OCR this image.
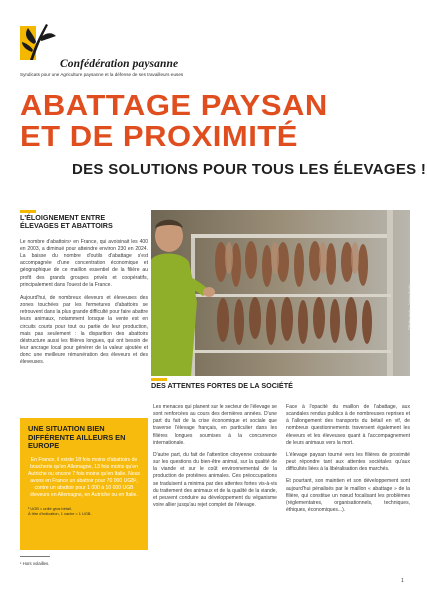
Confédération paysanne
Syndicats pour une Agriculture paysanne et la défense de ses travailleurs·euses
ABATTAGE PAYSAN
ET DE PROXIMITÉ
DES SOLUTIONS POUR TOUS LES ÉLEVAGES !
L'ÉLOIGNEMENT ENTRE
ÉLEVAGES ET ABATTOIRS

Le nombre d'abattoirs¹ en France, qui avoisinait les 400 en 2003, a diminué pour atteindre environ 230 en 2024. La baisse du nombre d'outils d'abattage s'est accompagnée d'une concentration économique et géographique de ce maillon essentiel de la filière au profit des grands groupes privés et coopératifs, principalement dans l'ouest de la France.

Aujourd'hui, de nombreux éleveurs et éleveuses des zones touchées par les fermetures d'abattoirs se retrouvent dans la plus grande difficulté pour faire abattre leurs animaux, notamment lorsque la vente est en circuits courts pour tout ou partie de leur production, mais pas seulement : la disparition des abattoirs déstructure aussi les filières longues, qui ont besoin de leur ancrage local pour générer de la valeur ajoutée et donc une meilleure rémunération des éleveurs et des éleveuses.

UNE SITUATION BIEN DIFFÉRENTE AILLEURS EN EUROPE

En France, il existe 18 fois moins d'abattoirs de boucherie qu'en Allemagne, 13 fois moins qu'en Autriche ou encore 7 fois moins qu'en Italie. Nous avons en France un abattoir pour 70 000 UGB², contre un abattoir pour 1 000 à 10 000 UGB éleveurs en Allemagne, en Autriche ou en Italie.

² UGB = unité gros bétail.
À titre d'indication, 1 vache = 1 UGB.
¹ Hors volailles.
©Patte photo · Jordan Brutto
DES ATTENTES FORTES DE LA SOCIÉTÉ

Les menaces qui planent sur le secteur de l'élevage se sont renforcées au cours des dernières années. D'une part du fait de la crise économique et sociale que traverse l'élevage français, en particulier dans les filières longues soumises à la concurrence internationale.

D'autre part, du fait de l'attention citoyenne croissante sur les questions du bien-être animal, sur la qualité de la viande et sur le coût environnemental de la production de protéines animales. Ces préoccupations se traduisent a minima par des attentes fortes vis-à-vis du traitement des animaux et de la qualité de la viande, et peuvent conduire au développement du véganisme voire allier jusqu'au rejet complet de l'élevage.

Face à l'opacité du maillon de l'abattage, aux scandales rendus publics à de nombreuses reprises et à l'allongement des transports du bétail en vif, de nombreux questionnements traversent également les éleveurs et les éleveuses quant à l'accompagnement de leurs animaux vers la mort.

L'élevage paysan tourné vers les filières de proximité peut répondre tant aux attentes sociétales qu'aux difficultés liées à la libéralisation des marchés.

Et pourtant, son maintien et son développement sont aujourd'hui pénalisés par le maillon « abattage » de la filière, qui constitue un nœud focalisant les problèmes (réglementaires, organisationnels, techniques, éthiques, économiques...).

1
